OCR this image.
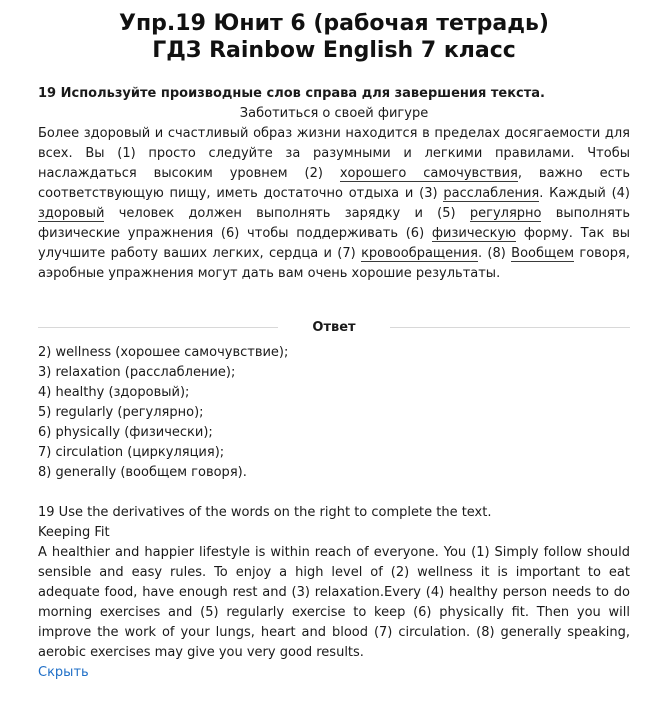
Упр.19 Юнит 6 (рабочая тетрадь)
ГДЗ Rainbow English 7 класс
19 Используйте производные слов справа для завершения текста.
Заботиться о своей фигуре

Более здоровый и счастливый образ жизни находится в пределах досягаемости для всех. Вы (1) просто следуйте за разумными и легкими правилами. Чтобы наслаждаться высоким уровнем (2) хорошего самочувствия, важно есть соответствующую пищу, иметь достаточно отдыха и (3) расслабления. Каждый (4) здоровый человек должен выполнять зарядку и (5) регулярно выполнять физические упражнения (6) чтобы поддерживать (6) физическую форму. Так вы улучшите работу ваших легких, сердца и (7) кровообращения. (8) Вообщем говоря, аэробные упражнения могут дать вам очень хорошие результаты.

Ответ
2) wellness (хорошее самочувствие);
3) relaxation (расслабление);
4) healthy (здоровый);
5) regularly (регулярно);
6) physically (физически);
7) circulation (циркуляция);
8) generally (вообщем говоря).
19 Use the derivatives of the words on the right to complete the text.
Keeping Fit

A healthier and happier lifestyle is within reach of everyone. You (1) Simply follow should sensible and easy rules. To enjoy a high level of (2) wellness it is important to eat adequate food, have enough rest and (3) relaxation.Every (4) healthy person needs to do morning exercises and (5) regularly exercise to keep (6) physically fit. Then you will improve the work of your lungs, heart and blood (7) circulation. (8) generally speaking, aerobic exercises may give you very good results.

Скрыть
